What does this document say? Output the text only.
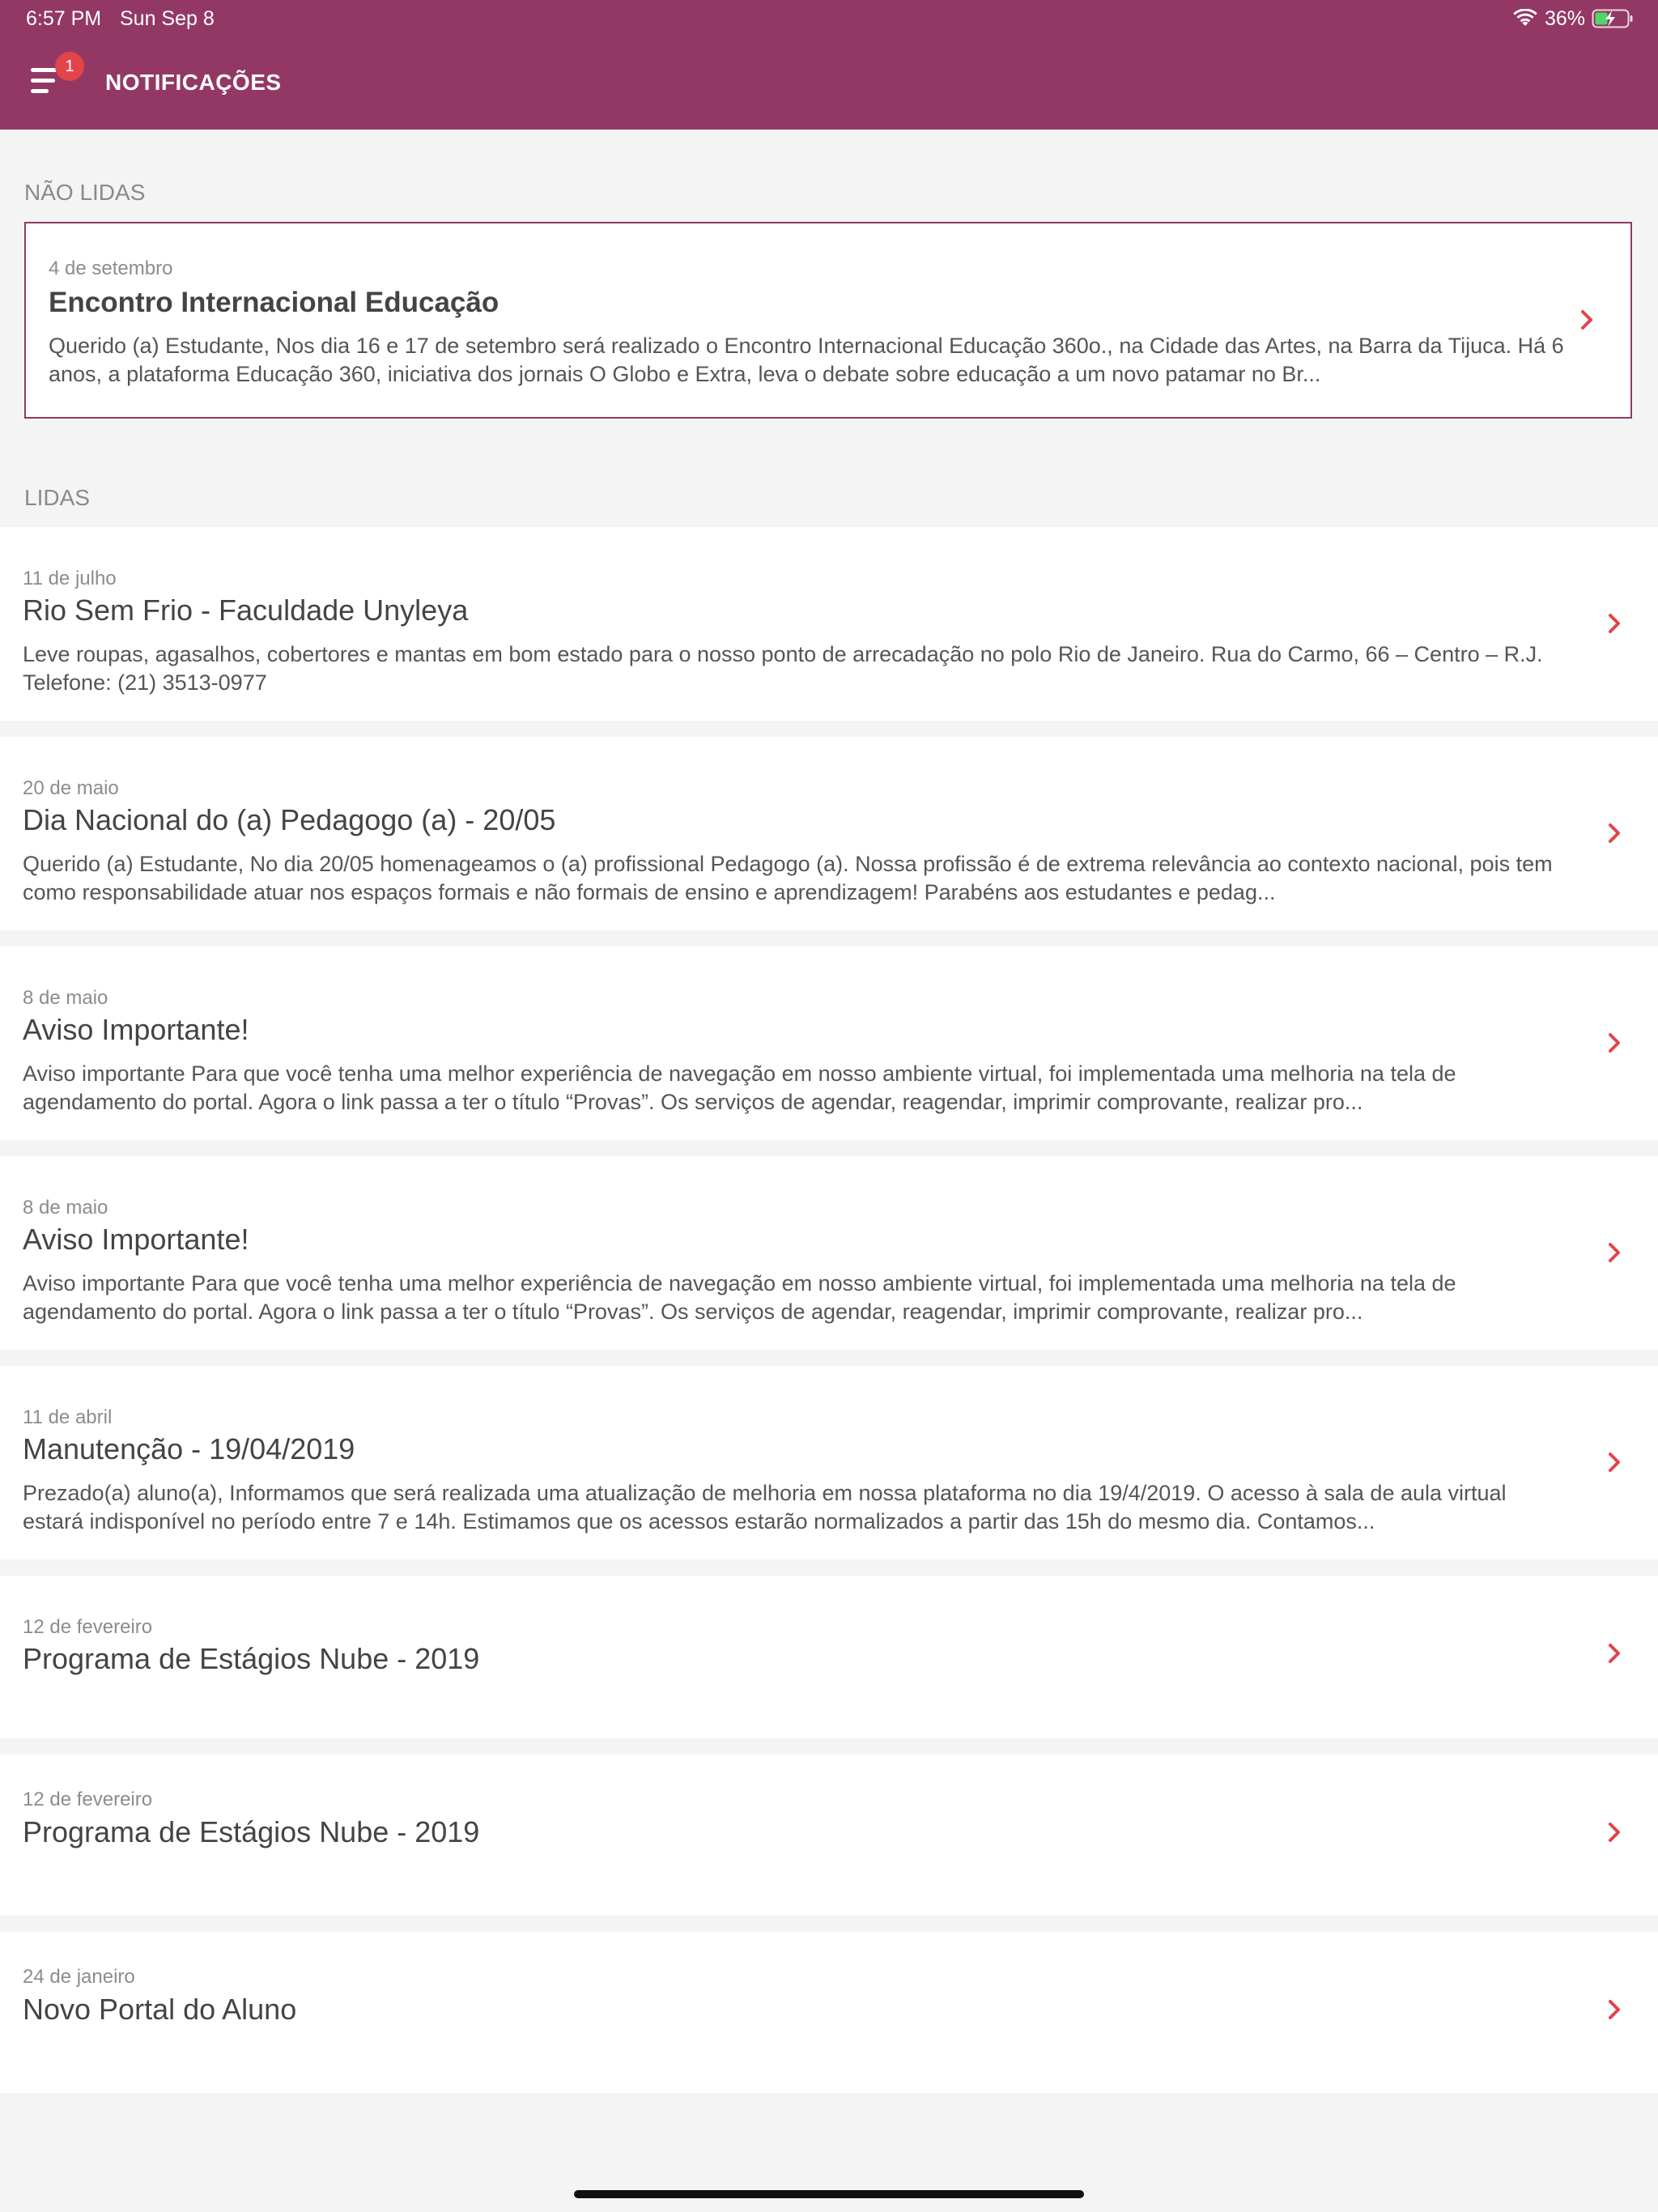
6:57 PM Sun Sep 8	36%
1
NOTIFICAÇÕES
NÃO LIDAS
4 de setembro
Encontro Internacional Educação
Querido (a) Estudante, Nos dia 16 e 17 de setembro será realizado o Encontro Internacional Educação 360o., na Cidade das Artes, na Barra da Tijuca. Há 6 anos, a plataforma Educação 360, iniciativa dos jornais O Globo e Extra, leva o debate sobre educação a um novo patamar no Br...
LIDAS
11 de julho
Rio Sem Frio - Faculdade Unyleya
Leve roupas, agasalhos, cobertores e mantas em bom estado para o nosso ponto de arrecadação no polo Rio de Janeiro. Rua do Carmo, 66 – Centro – R.J. Telefone: (21) 3513-0977
20 de maio
Dia Nacional do (a) Pedagogo (a) - 20/05
Querido (a) Estudante, No dia 20/05 homenageamos o (a) profissional Pedagogo (a). Nossa profissão é de extrema relevância ao contexto nacional, pois tem como responsabilidade atuar nos espaços formais e não formais de ensino e aprendizagem! Parabéns aos estudantes e pedag...
8 de maio
Aviso Importante!
Aviso importante Para que você tenha uma melhor experiência de navegação em nosso ambiente virtual, foi implementada uma melhoria na tela de agendamento do portal. Agora o link passa a ter o título “Provas”. Os serviços de agendar, reagendar, imprimir comprovante, realizar pro...
8 de maio
Aviso Importante!
Aviso importante Para que você tenha uma melhor experiência de navegação em nosso ambiente virtual, foi implementada uma melhoria na tela de agendamento do portal. Agora o link passa a ter o título “Provas”. Os serviços de agendar, reagendar, imprimir comprovante, realizar pro...
11 de abril
Manutenção - 19/04/2019
Prezado(a) aluno(a), Informamos que será realizada uma atualização de melhoria em nossa plataforma no dia 19/4/2019. O acesso à sala de aula virtual estará indisponível no período entre 7 e 14h. Estimamos que os acessos estarão normalizados a partir das 15h do mesmo dia. Contamos...
12 de fevereiro
Programa de Estágios Nube - 2019
12 de fevereiro
Programa de Estágios Nube - 2019
24 de janeiro
Novo Portal do Aluno
